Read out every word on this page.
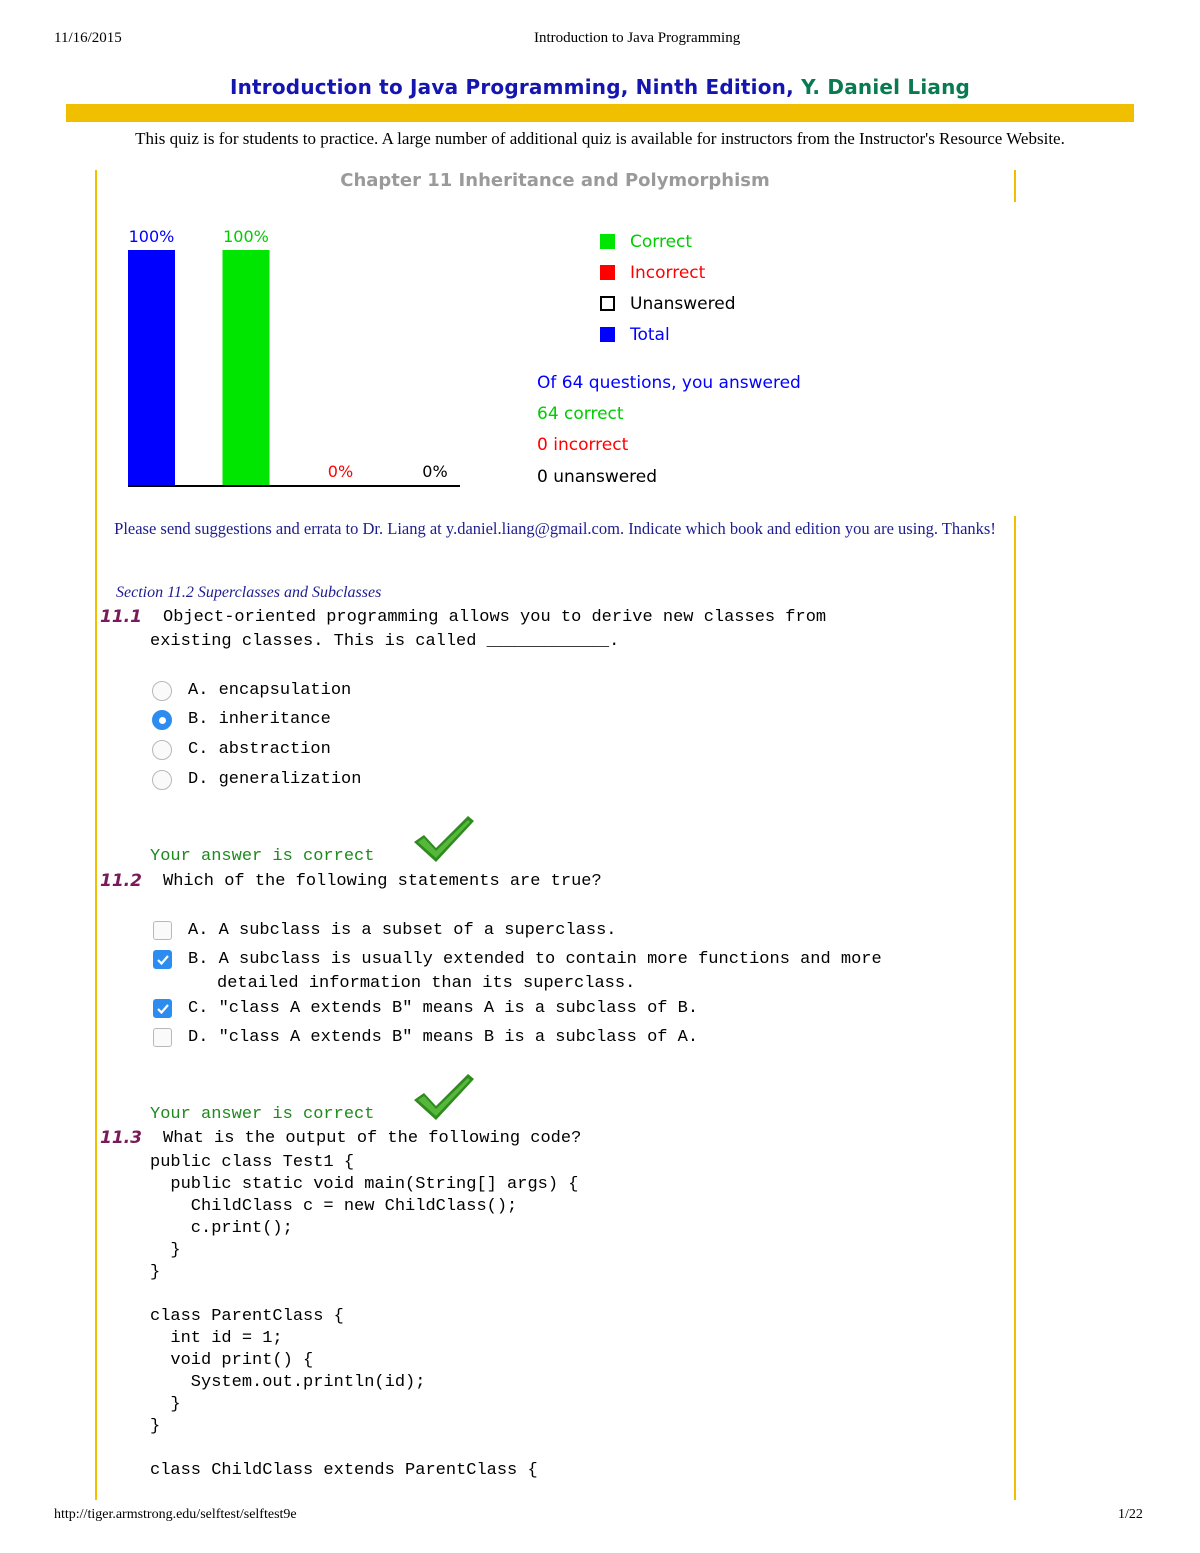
11/16/2015	Introduction to Java Programming
Introduction to Java Programming, Ninth Edition, Y. Daniel Liang
This quiz is for students to practice. A large number of additional quiz is available for instructors from the Instructor's Resource Website.
Chapter 11 Inheritance and Polymorphism
100%	100%
0%	0%
Correct
Incorrect
Unanswered
Total
Of 64 questions, you answered
64 correct
0 incorrect
0 unanswered
Please send suggestions and errata to Dr. Liang at y.daniel.liang@gmail.com. Indicate which book and edition you are using. Thanks!
Section 11.2 Superclasses and Subclasses
11.1 Object-oriented programming allows you to derive new classes from
existing classes. This is called ____________.
A. encapsulation
B. inheritance
C. abstraction
D. generalization
Your answer is correct
11.2 Which of the following statements are true?
A. A subclass is a subset of a superclass.
B. A subclass is usually extended to contain more functions and more
detailed information than its superclass.
C. "class A extends B" means A is a subclass of B.
D. "class A extends B" means B is a subclass of A.
Your answer is correct
11.3 What is the output of the following code?
public class Test1 {
public static void main(String[] args) {
ChildClass c = new ChildClass();
c.print();
}
}

class ParentClass {
int id = 1;
void print() {
System.out.println(id);
}
}

class ChildClass extends ParentClass {
http://tiger.armstrong.edu/selftest/selftest9e	1/22
